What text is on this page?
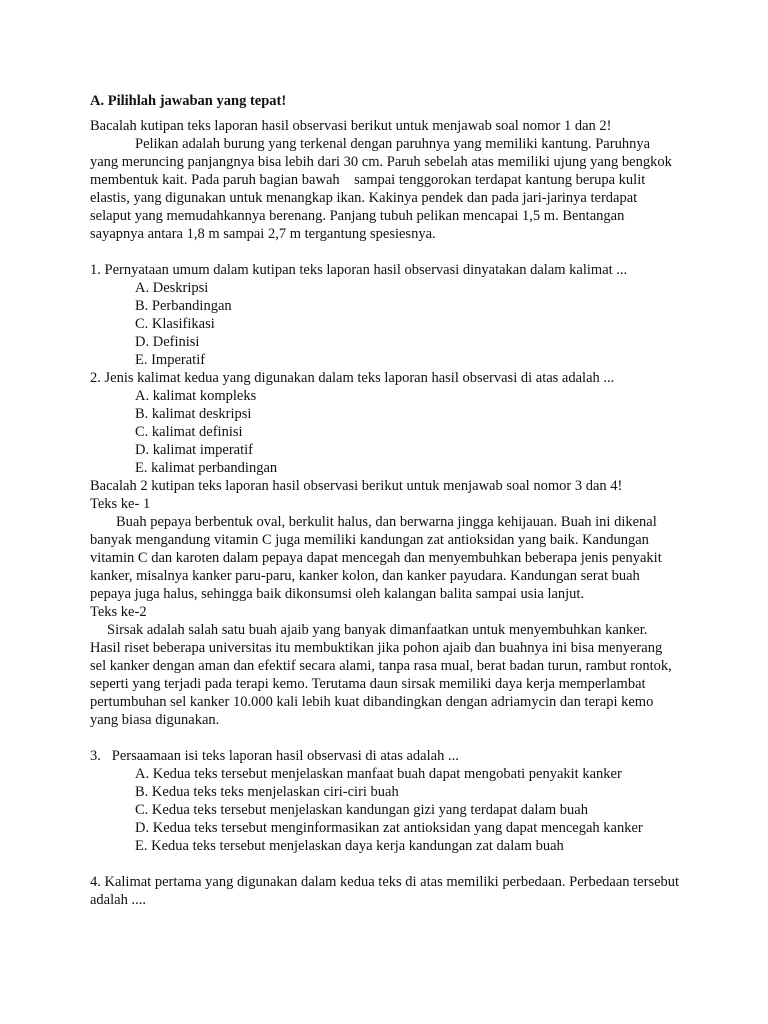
A. Pilihlah jawaban yang tepat!

Bacalah kutipan teks laporan hasil observasi berikut untuk menjawab soal nomor 1 dan 2!

Pelikan adalah burung yang terkenal dengan paruhnya yang memiliki kantung. Paruhnya yang meruncing panjangnya bisa lebih dari 30 cm. Paruh sebelah atas memiliki ujung yang bengkok membentuk kait. Pada paruh bagian bawah    sampai tenggorokan terdapat kantung berupa kulit elastis, yang digunakan untuk menangkap ikan. Kakinya pendek dan pada jari-jarinya terdapat selaput yang memudahkannya berenang. Panjang tubuh pelikan mencapai 1,5 m. Bentangan sayapnya antara 1,8 m sampai 2,7 m tergantung spesiesnya.

1. Pernyataan umum dalam kutipan teks laporan hasil observasi dinyatakan dalam kalimat ...

A. Deskripsi
B. Perbandingan
C. Klasifikasi
D. Definisi
E. Imperatif

2. Jenis kalimat kedua yang digunakan dalam teks laporan hasil observasi di atas adalah ...

A. kalimat kompleks
B. kalimat deskripsi
C. kalimat definisi
D. kalimat imperatif
E. kalimat perbandingan

Bacalah 2 kutipan teks laporan hasil observasi berikut untuk menjawab soal nomor 3 dan 4!

Teks ke- 1

Buah pepaya berbentuk oval, berkulit halus, dan berwarna jingga kehijauan. Buah ini dikenal banyak mengandung vitamin C juga memiliki kandungan zat antioksidan yang baik. Kandungan vitamin C dan karoten dalam pepaya dapat mencegah dan menyembuhkan beberapa jenis penyakit kanker, misalnya kanker paru-paru, kanker kolon, dan kanker payudara. Kandungan serat buah pepaya juga halus, sehingga baik dikonsumsi oleh kalangan balita sampai usia lanjut.

Teks ke-2

Sirsak adalah salah satu buah ajaib yang banyak dimanfaatkan untuk menyembuhkan kanker. Hasil riset beberapa universitas itu membuktikan jika pohon ajaib dan buahnya ini bisa menyerang sel kanker dengan aman dan efektif secara alami, tanpa rasa mual, berat badan turun, rambut rontok, seperti yang terjadi pada terapi kemo. Terutama daun sirsak memiliki daya kerja memperlambat pertumbuhan sel kanker 10.000 kali lebih kuat dibandingkan dengan adriamycin dan terapi kemo yang biasa digunakan.

3.   Persaamaan isi teks laporan hasil observasi di atas adalah ...

A. Kedua teks tersebut menjelaskan manfaat buah dapat mengobati penyakit kanker
B. Kedua teks teks menjelaskan ciri-ciri buah
C. Kedua teks tersebut menjelaskan kandungan gizi yang terdapat dalam buah
D. Kedua teks tersebut menginformasikan zat antioksidan yang dapat mencegah kanker
E. Kedua teks tersebut menjelaskan daya kerja kandungan zat dalam buah

4. Kalimat pertama yang digunakan dalam kedua teks di atas memiliki perbedaan. Perbedaan tersebut adalah ....
